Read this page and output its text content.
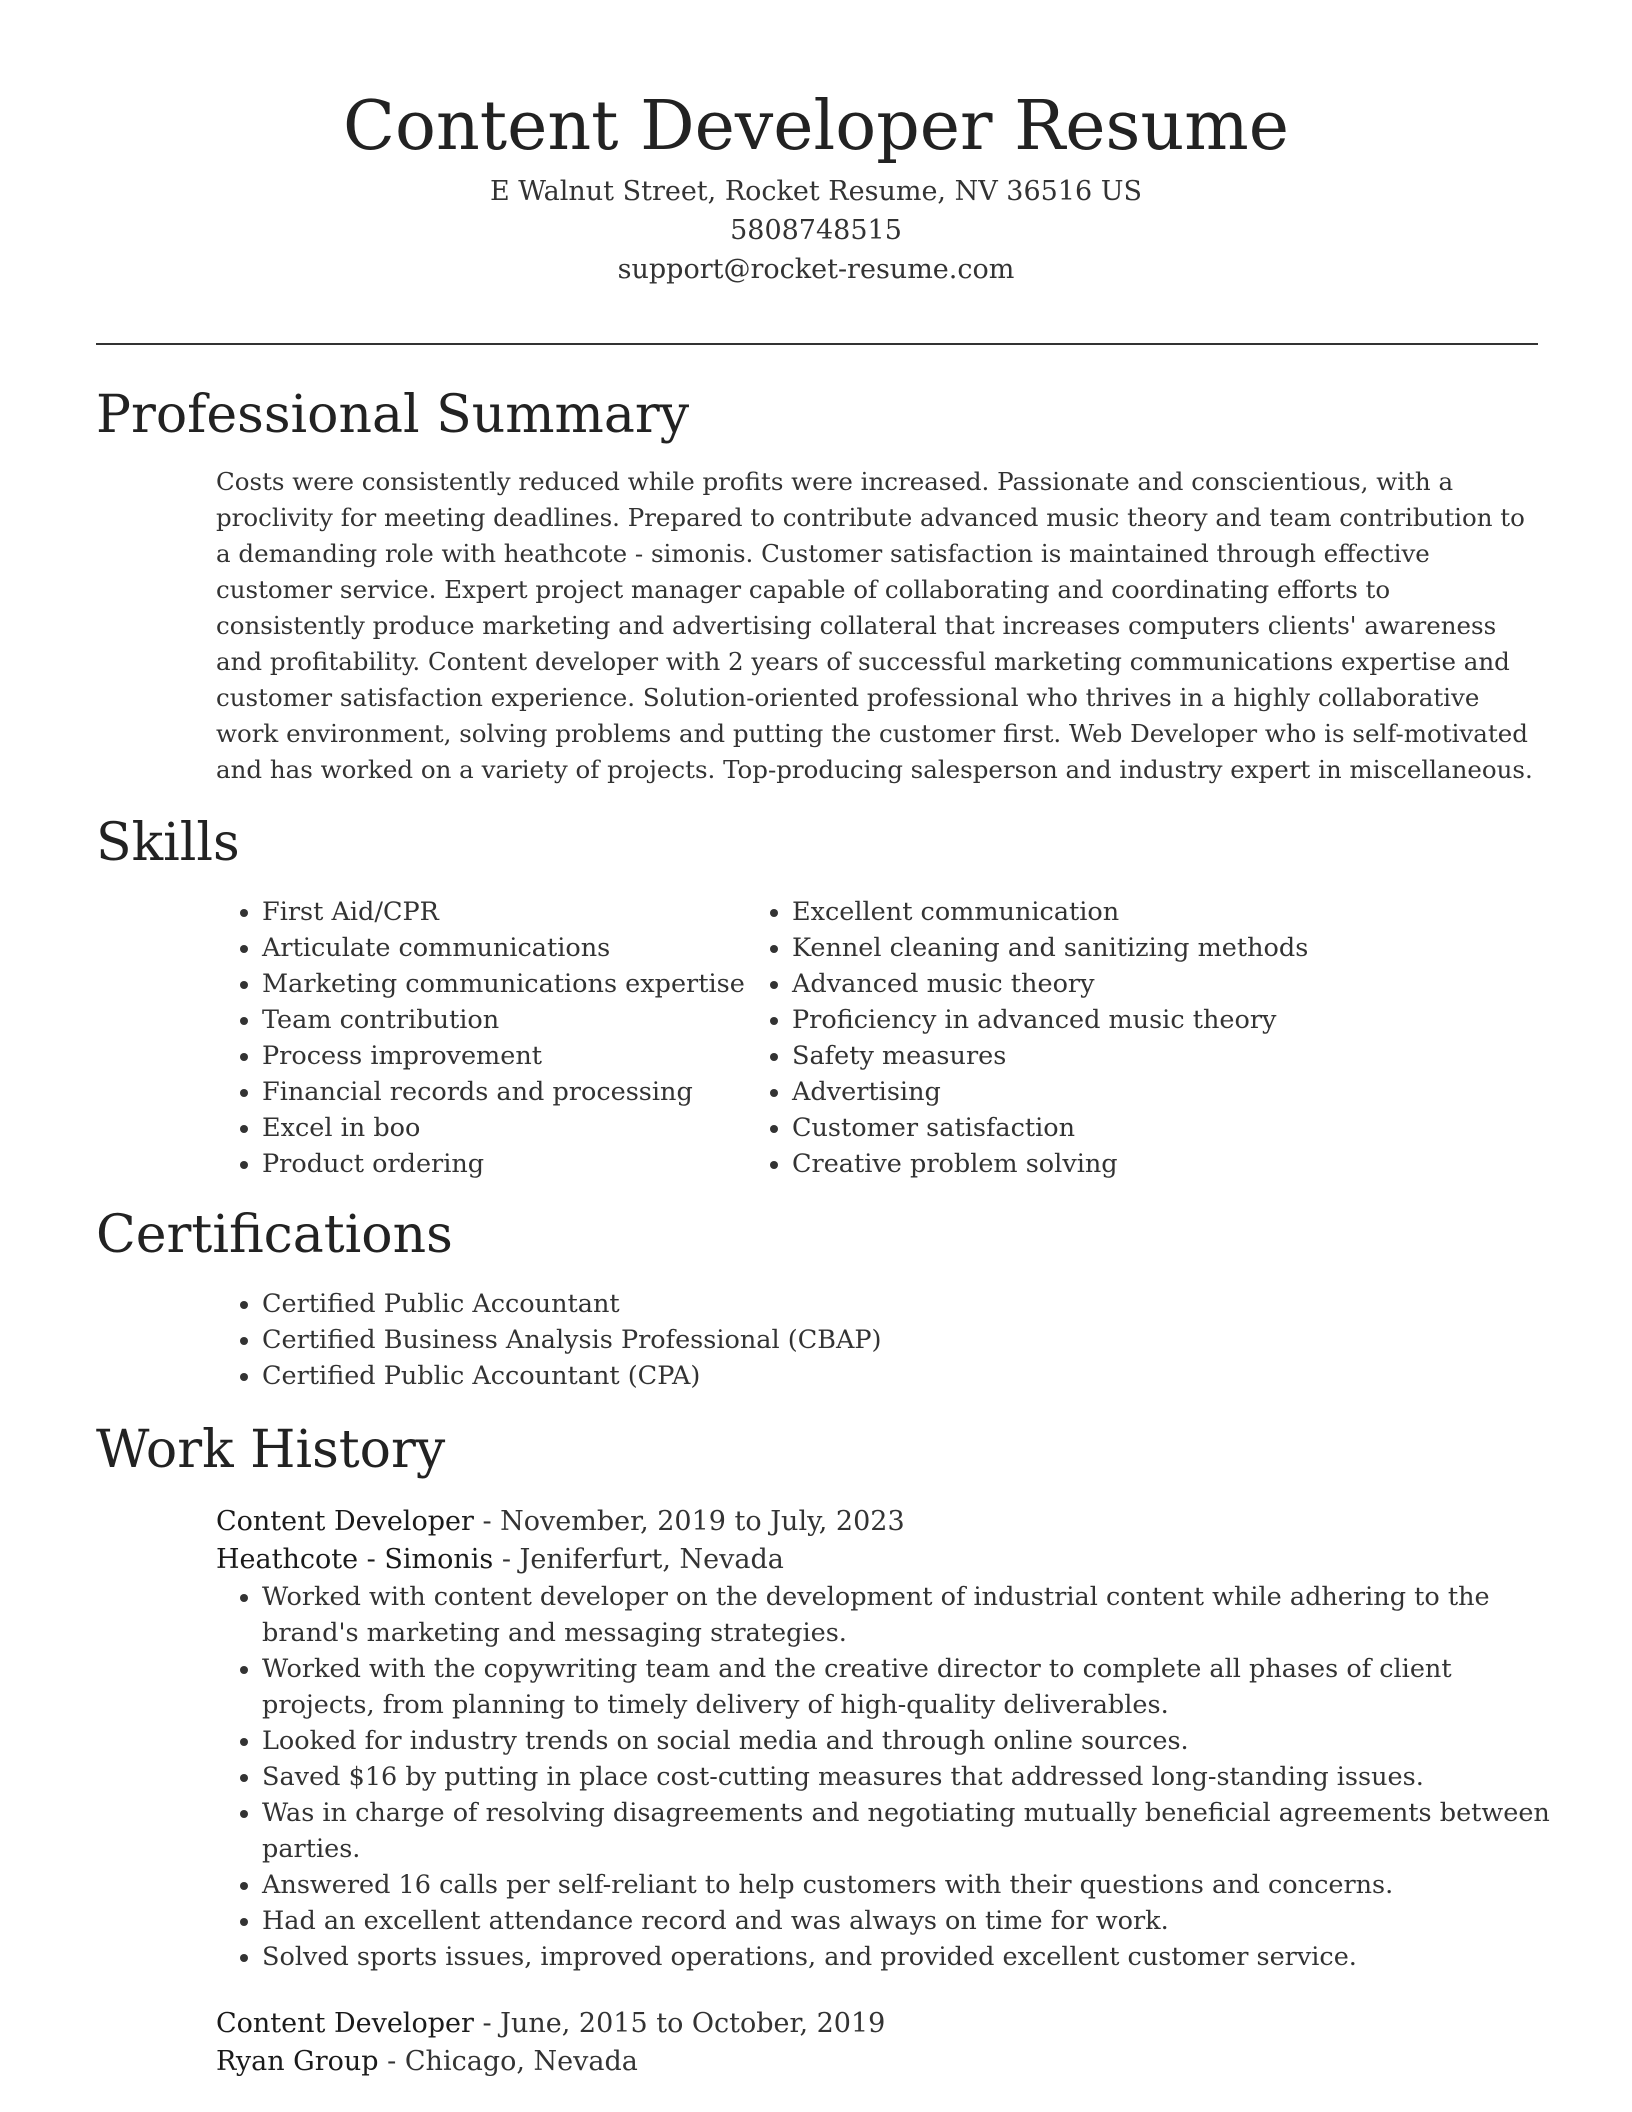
Content Developer Resume
E Walnut Street, Rocket Resume, NV 36516 US
5808748515
support@rocket-resume.com
Professional Summary
Costs were consistently reduced while profits were increased. Passionate and conscientious, with a proclivity for meeting deadlines. Prepared to contribute advanced music theory and team contribution to a demanding role with heathcote - simonis. Customer satisfaction is maintained through effective customer service. Expert project manager capable of collaborating and coordinating efforts to consistently produce marketing and advertising collateral that increases computers clients' awareness and profitability. Content developer with 2 years of successful marketing communications expertise and customer satisfaction experience. Solution-oriented professional who thrives in a highly collaborative work environment, solving problems and putting the customer first. Web Developer who is self-motivated and has worked on a variety of projects. Top-producing salesperson and industry expert in miscellaneous.
Skills
• First Aid/CPR
• Articulate communications
• Marketing communications expertise
• Team contribution
• Process improvement
• Financial records and processing
• Excel in boo
• Product ordering
• Excellent communication
• Kennel cleaning and sanitizing methods
• Advanced music theory
• Proficiency in advanced music theory
• Safety measures
• Advertising
• Customer satisfaction
• Creative problem solving
Certifications
• Certified Public Accountant
• Certified Business Analysis Professional (CBAP)
• Certified Public Accountant (CPA)
Work History
Content Developer - November, 2019 to July, 2023
Heathcote - Simonis - Jeniferfurt, Nevada
• Worked with content developer on the development of industrial content while adhering to the brand's marketing and messaging strategies.
• Worked with the copywriting team and the creative director to complete all phases of client projects, from planning to timely delivery of high-quality deliverables.
• Looked for industry trends on social media and through online sources.
• Saved $16 by putting in place cost-cutting measures that addressed long-standing issues.
• Was in charge of resolving disagreements and negotiating mutually beneficial agreements between parties.
• Answered 16 calls per self-reliant to help customers with their questions and concerns.
• Had an excellent attendance record and was always on time for work.
• Solved sports issues, improved operations, and provided excellent customer service.
Content Developer - June, 2015 to October, 2019
Ryan Group - Chicago, Nevada
